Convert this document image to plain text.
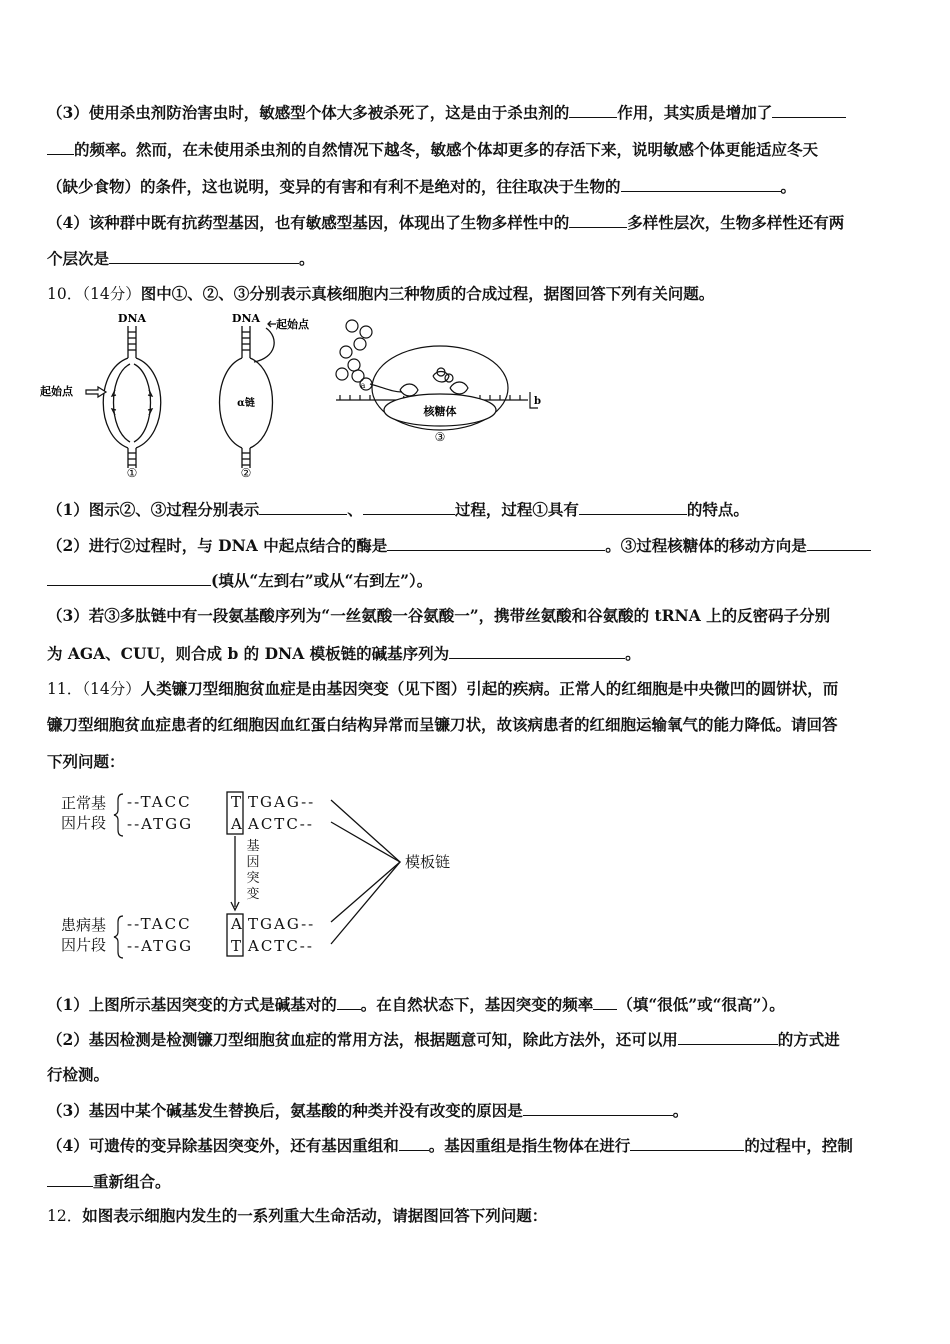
（3）使用杀虫剂防治害虫时，敏感型个体大多被杀死了，这是由于杀虫剂的	作用，其实质是增加了
的频率。然而，在未使用杀虫剂的自然情况下越冬，敏感个体却更多的存活下来，说明敏感个体更能适应冬天
（缺少食物）的条件，这也说明，变异的有害和有利不是绝对的，往往取决于生物的	。
（4）该种群中既有抗药型基因，也有敏感型基因，体现出了生物多样性中的	多样性层次，生物多样性还有两
个层次是	。
10．（14分）图中①、②、③分别表示真核细胞内三种物质的合成过程，据图回答下列有关问题。
DNA
起始点
①
DNA 起始点
α链
②
a
b
核糖体
③
（1）图示②、③过程分别表示	、	过程，过程①具有	的特点。
（2）进行②过程时，与 DNA 中起点结合的酶是	。③过程核糖体的移动方向是
(填从“左到右”或从“右到左”）。
（3）若③多肽链中有一段氨基酸序列为“一丝氨酸一谷氨酸一”，携带丝氨酸和谷氨酸的 tRNA 上的反密码子分别
为 AGA、CUU，则合成 b 的 DNA 模板链的碱基序列为	。
11．（14分）人类镰刀型细胞贫血症是由基因突变（见下图）引起的疾病。正常人的红细胞是中央微凹的圆饼状，而
镰刀型细胞贫血症患者的红细胞因血红蛋白结构异常而呈镰刀状，故该病患者的红细胞运输氧气的能力降低。请回答
下列问题：
正常基
因片段
患病基
因片段
--TACC	T TGAG--
--ATGG	A ACTC--
--TACC	A TGAG--
--ATGG	T ACTC--
基
因
突
变
模板链
（1）上图所示基因突变的方式是碱基对的 。在自然状态下，基因突变的频率 （填“很低”或“很高”）。
（2）基因检测是检测镰刀型细胞贫血症的常用方法，根据题意可知，除此方法外，还可以用	的方式进
行检测。
（3）基因中某个碱基发生替换后，氨基酸的种类并没有改变的原因是	。
（4）可遗传的变异除基因突变外，还有基因重组和 。基因重组是指生物体在进行	的过程中，控制
重新组合。
12．如图表示细胞内发生的一系列重大生命活动，请据图回答下列问题：
